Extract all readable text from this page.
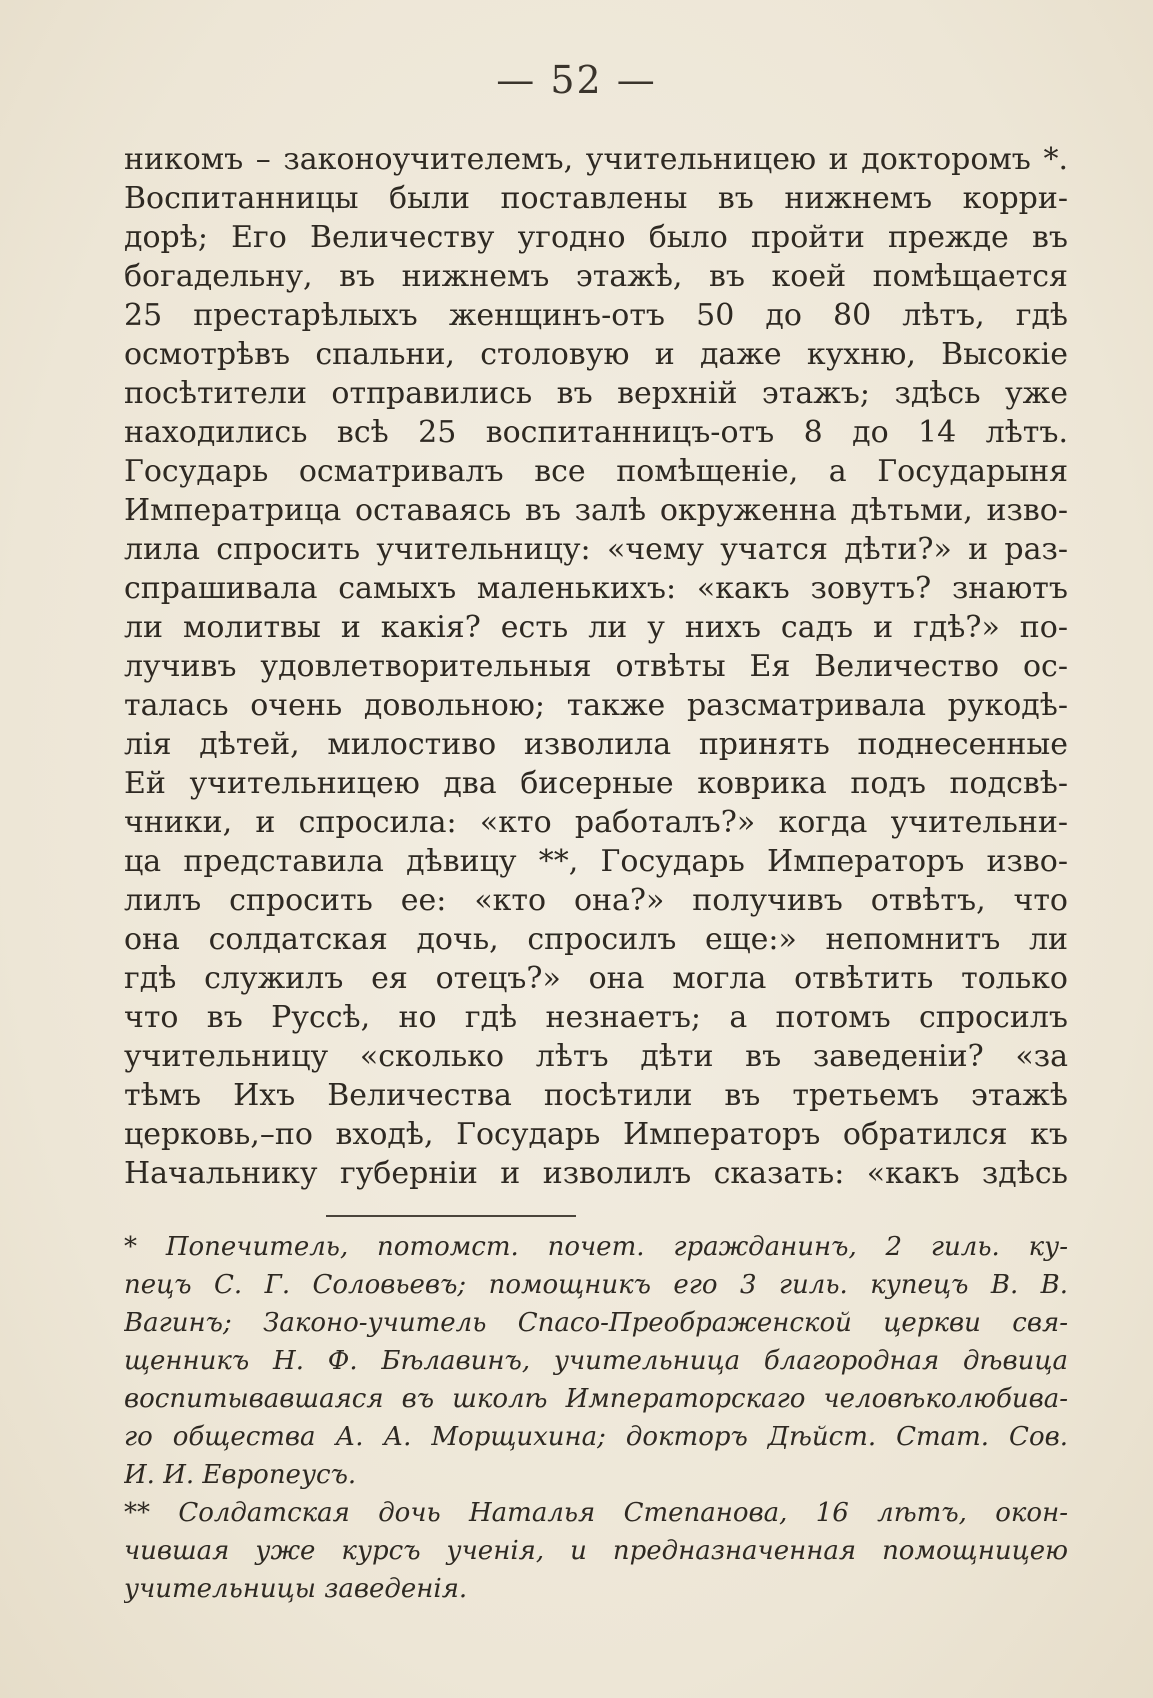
— 52 —
никомъ – законоучителемъ, учительницею и докторомъ *.
Воспитанницы были поставлены въ нижнемъ корри-
дорѣ; Его Величеству угодно было пройти прежде въ
богадельну, въ нижнемъ этажѣ, въ коей помѣщается
25 престарѣлыхъ женщинъ-отъ 50 до 80 лѣтъ, гдѣ
осмотрѣвъ спальни, столовую и даже кухню, Высокiе
посѣтители отправились въ верхнiй этажъ; здѣсь уже
находились всѣ 25 воспитанницъ-отъ 8 до 14 лѣтъ.
Государь осматривалъ все помѣщенiе, а Государыня
Императрица оставаясь въ залѣ окруженна дѣтьми, изво-
лила спросить учительницу: «чему учатся дѣти?» и раз-
спрашивала самыхъ маленькихъ: «какъ зовутъ? знаютъ
ли молитвы и какiя? есть ли у нихъ садъ и гдѣ?» по-
лучивъ удовлетворительныя отвѣты Ея Величество ос-
талась очень довольною; также разсматривала рукодѣ-
лiя дѣтей, милостиво изволила принять поднесенные
Ей учительницею два бисерные коврика подъ подсвѣ-
чники, и спросила: «кто работалъ?» когда учительни-
ца представила дѣвицу **, Государь Императоръ изво-
лилъ спросить ее: «кто она?» получивъ отвѣтъ, что
она солдатская дочь, спросилъ еще:» непомнитъ ли
гдѣ служилъ ея отецъ?» она могла отвѣтить только
что въ Руссѣ, но гдѣ незнаетъ; а потомъ спросилъ
учительницу «сколько лѣтъ дѣти въ заведенiи? «за
тѣмъ Ихъ Величества посѣтили въ третьемъ этажѣ
церковь,–по входѣ, Государь Императоръ обратился къ
Начальнику губернiи и изволилъ сказать: «какъ здѣсь
* Попечитель, потомст. почет. гражданинъ, 2 гиль. ку-
пецъ С. Г. Соловьевъ; помощникъ его 3 гиль. купецъ В. В.
Вагинъ; Законо-учитель Спасо-Преображенской церкви свя-
щенникъ Н. Ф. Бѣлавинъ, учительница благородная дѣвица
воспитывавшаяся въ школѣ Императорскаго человѣколюбива-
го общества А. А. Морщихина; докторъ Дѣйст. Стат. Сов.
И. И. Европеусъ.
** Солдатская дочь Наталья Степанова, 16 лѣтъ, окон-
чившая уже курсъ ученiя, и предназначенная помощницею
учительницы заведенiя.
